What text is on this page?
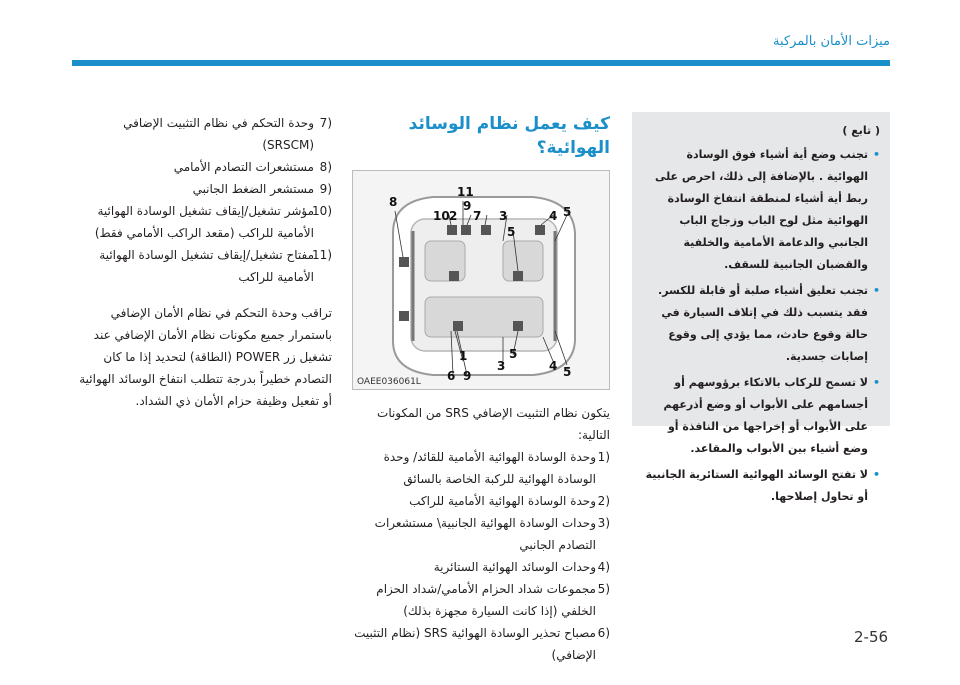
ميزات الأمان بالمركبة
( تابع )
• تجنب وضع أية أشياء فوق الوسادة الهوائية . بالإضافة إلى ذلك، احرص على ربط أية أشياء لمنطقة انتفاخ الوسادة الهوائية مثل لوح الباب وزجاج الباب الجانبي والدعامة الأمامية والخلفية والقضبان الجانبية للسقف.
• تجنب تعليق أشياء صلبة أو قابلة للكسر. فقد يتسبب ذلك في إتلاف السيارة في حالة وقوع حادث، مما يؤدي إلى وقوع إصابات جسدية.
• لا تسمح للركاب بالاتكاء برؤوسهم أو أجسامهم على الأبواب أو وضع أذرعهم على الأبواب أو إخراجها من النافذة أو وضع أشياء بين الأبواب والمقاعد.
• لا تفتح الوسائد الهوائية الستائرية الجانبية أو تحاول إصلاحها.
كيف يعمل نظام الوسائد الهوائية؟
8
11
9
10 2 7 3	4 5
5
1
3
5
4 5
6 9
OAEE036061L
يتكون نظام التثبيت الإضافي SRS من المكونات التالية:
(1
وحدة الوسادة الهوائية الأمامية للقائد/ وحدة الوسادة الهوائية للركبة الخاصة بالسائق
(2
وحدة الوسادة الهوائية الأمامية للراكب
(3
وحدات الوسادة الهوائية الجانبية\ مستشعرات التصادم الجانبي
(4
وحدات الوسائد الهوائية الستائرية
(5
مجموعات شداد الحزام الأمامي/شداد الحزام الخلفي (إذا كانت السيارة مجهزة بذلك)
(6
مصباح تحذير الوسادة الهوائية SRS (نظام التثبيت الإضافي)
(7
وحدة التحكم في نظام التثبيت الإضافي (SRSCM)
(8
مستشعرات التصادم الأمامي
(9
مستشعر الضغط الجانبي
(10
مؤشر تشغيل/إيقاف تشغيل الوسادة الهوائية الأمامية للراكب (مقعد الراكب الأمامي فقط)
(11
مفتاح تشغيل/إيقاف تشغيل الوسادة الهوائية الأمامية للراكب

تراقب وحدة التحكم في نظام الأمان الإضافي باستمرار جميع مكونات نظام الأمان الإضافي عند تشغيل زر POWER (الطاقة) لتحديد إذا ما كان التصادم خطيراً بدرجة تتطلب انتفاخ الوسائد الهوائية أو تفعيل وظيفة حزام الأمان ذي الشداد.

2-56
